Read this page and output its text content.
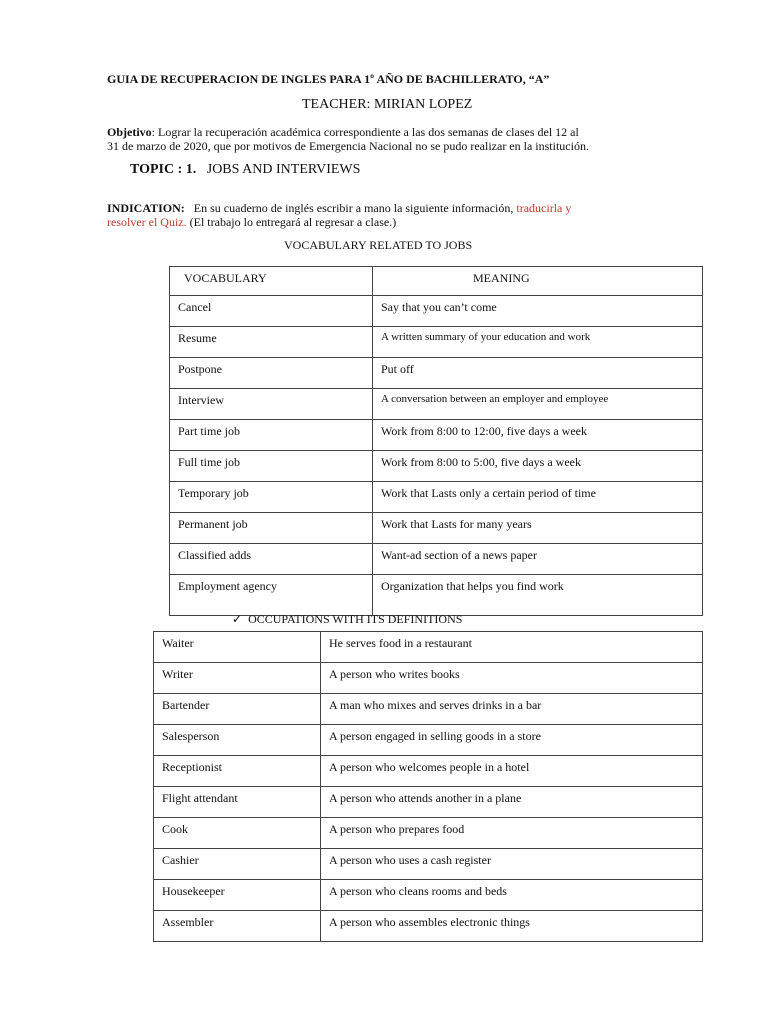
GUIA DE RECUPERACION DE INGLES PARA 1º AÑO DE BACHILLERATO, “A”
TEACHER: MIRIAN LOPEZ
Objetivo: Lograr la recuperación académica correspondiente a las dos semanas de clases del 12 al
31 de marzo de 2020, que por motivos de Emergencia Nacional no se pudo realizar en la institución.
TOPIC : 1. JOBS AND INTERVIEWS
INDICATION: En su cuaderno de inglés escribir a mano la siguiente información, traducirla y
resolver el Quiz. (El trabajo lo entregará al regresar a clase.)
VOCABULARY RELATED TO JOBS
VOCABULARY	MEANING
Cancel	Say that you can’t come
Resume	A written summary of your education and work
Postpone	Put off
Interview	A conversation between an employer and employee
Part time job	Work from 8:00 to 12:00, five days a week
Full time job	Work from 8:00 to 5:00, five days a week
Temporary job	Work that Lasts only a certain period of time
Permanent job	Work that Lasts for many years
Classified adds	Want-ad section of a news paper
Employment agency	Organization that helps you find work
✓ OCCUPATIONS WITH ITS DEFINITIONS
Waiter	He serves food in a restaurant
Writer	A person who writes books
Bartender	A man who mixes and serves drinks in a bar
Salesperson	A person engaged in selling goods in a store
Receptionist	A person who welcomes people in a hotel
Flight attendant	A person who attends another in a plane
Cook	A person who prepares food
Cashier	A person who uses a cash register
Housekeeper	A person who cleans rooms and beds
Assembler	A person who assembles electronic things
